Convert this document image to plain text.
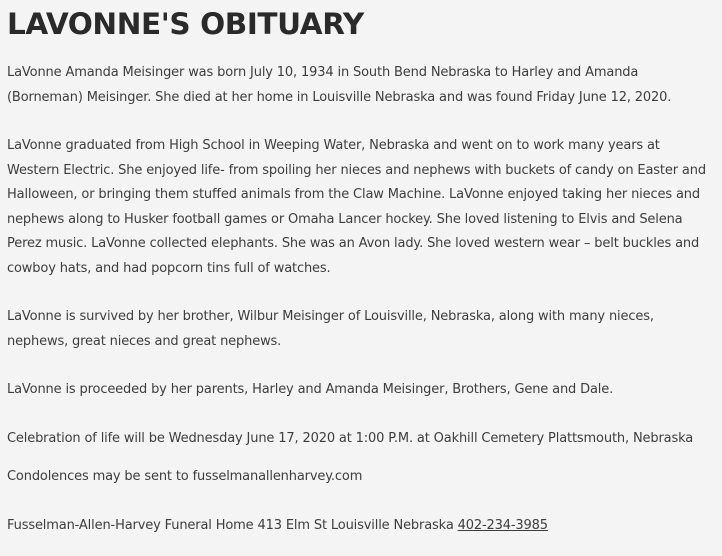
LAVONNE'S OBITUARY

LaVonne Amanda Meisinger was born July 10, 1934 in South Bend Nebraska to Harley and Amanda (Borneman) Meisinger. She died at her home in Louisville Nebraska and was found Friday June 12, 2020.

LaVonne graduated from High School in Weeping Water, Nebraska and went on to work many years at Western Electric. She enjoyed life- from spoiling her nieces and nephews with buckets of candy on Easter and Halloween, or bringing them stuffed animals from the Claw Machine. LaVonne enjoyed taking her nieces and nephews along to Husker football games or Omaha Lancer hockey. She loved listening to Elvis and Selena Perez music. LaVonne collected elephants. She was an Avon lady. She loved western wear – belt buckles and cowboy hats, and had popcorn tins full of watches.

LaVonne is survived by her brother, Wilbur Meisinger of Louisville, Nebraska, along with many nieces, nephews, great nieces and great nephews.

LaVonne is proceeded by her parents, Harley and Amanda Meisinger, Brothers, Gene and Dale.

Celebration of life will be Wednesday June 17, 2020 at 1:00 P.M. at Oakhill Cemetery Plattsmouth, Nebraska

Condolences may be sent to fusselmanallenharvey.com

Fusselman-Allen-Harvey Funeral Home 413 Elm St Louisville Nebraska 402-234-3985
